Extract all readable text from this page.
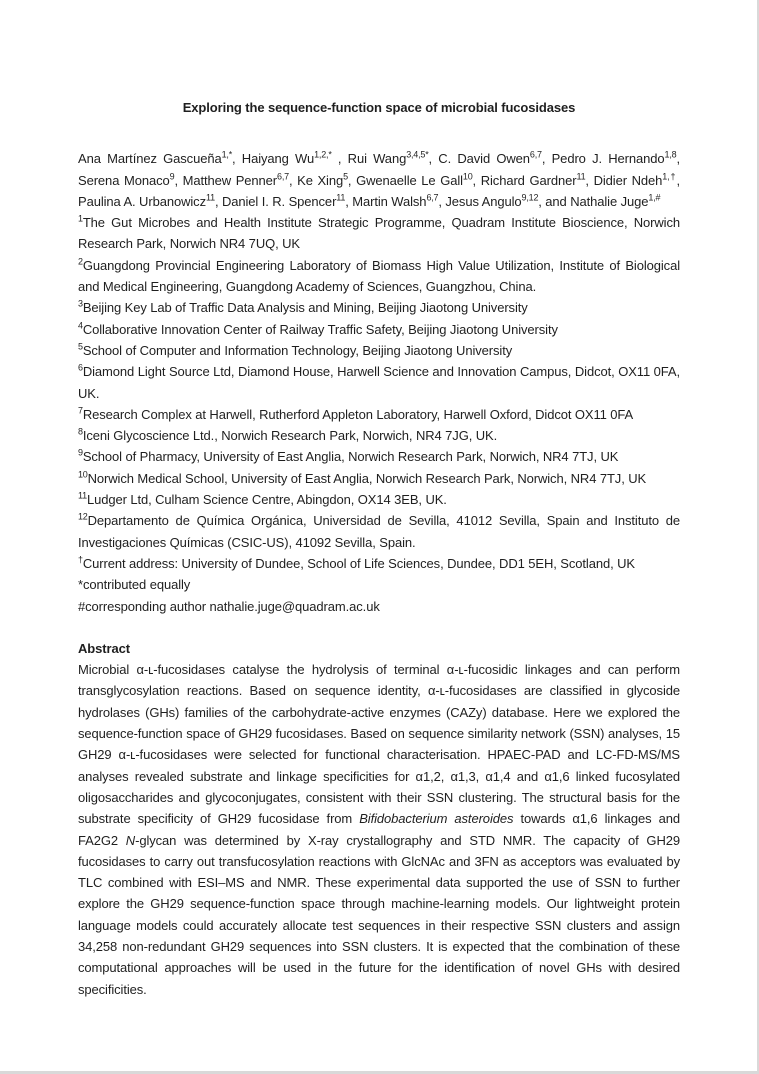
Exploring the sequence-function space of microbial fucosidases

Ana Martínez Gascueña$^{1,*}$, Haiyang $Wu^{1,2,*}$ , Rui Wang$^{3,4,5*}$, C. David Owen$^{6,7}$, Pedro J. Hernando$^{1,8}$, Serena Monaco$^9$, Matthew Penner$^{6,7}$, Ke Xing$^5$, Gwenaelle Le Gall$^{10}$, Richard Gardner$^{11}$, Didier Ndeh$^{1,\dagger}$, Paulina A. Urbanowicz$^{11}$, Daniel I. R. Spencer$^{11}$, Martin Walsh$^{6,7}$, Jesus Angulo$^{9,12}$, and Nathalie Juge$^{1,\#}$

$^1$The Gut Microbes and Health Institute Strategic Programme, Quadram Institute Bioscience, Norwich Research Park, Norwich NR4 7UQ, UK

$^2$Guangdong Provincial Engineering Laboratory of Biomass High Value Utilization, Institute of Biological and Medical Engineering, Guangdong Academy of Sciences, Guangzhou, China.

$^3$Beijing Key Lab of Traffic Data Analysis and Mining, Beijing Jiaotong University

$^4$Collaborative Innovation Center of Railway Traffic Safety, Beijing Jiaotong University

$^5$School of Computer and Information Technology, Beijing Jiaotong University

$^6$Diamond Light Source Ltd, Diamond House, Harwell Science and Innovation Campus, Didcot, OX11 0FA, UK.

$^7$Research Complex at Harwell, Rutherford Appleton Laboratory, Harwell Oxford, Didcot OX11 0FA

$^8$Iceni Glycoscience Ltd., Norwich Research Park, Norwich, NR4 7JG, UK.

$^9$School of Pharmacy, University of East Anglia, Norwich Research Park, Norwich, NR4 7TJ, UK

$^{10}$Norwich Medical School, University of East Anglia, Norwich Research Park, Norwich, NR4 7TJ, UK

$^{11}$Ludger Ltd, Culham Science Centre, Abingdon, OX14 3EB, UK.

$^{12}$Departamento de Química Orgánica, Universidad de Sevilla, 41012 Sevilla, Spain and Instituto de Investigaciones Químicas (CSIC-US), 41092 Sevilla, Spain.

†Current address: University of Dundee, School of Life Sciences, Dundee, DD1 5EH, Scotland, UK

*contributed equally

#corresponding author nathalie.juge@quadram.ac.uk

Abstract

Microbial α-ʟ-fucosidases catalyse the hydrolysis of terminal α-ʟ-fucosidic linkages and can perform transglycosylation reactions. Based on sequence identity, α-ʟ-fucosidases are classified in glycoside hydrolases (GHs) families of the carbohydrate-active enzymes (CAZy) database. Here we explored the sequence-function space of GH29 fucosidases. Based on sequence similarity network (SSN) analyses, 15 GH29 α-ʟ-fucosidases were selected for functional characterisation. HPAEC-PAD and LC-FD-MS/MS analyses revealed substrate and linkage specificities for α1,2, α1,3, α1,4 and α1,6 linked fucosylated oligosaccharides and glycoconjugates, consistent with their SSN clustering. The structural basis for the substrate specificity of GH29 fucosidase from Bifidobacterium asteroides towards α1,6 linkages and FA2G2 N-glycan was determined by X-ray crystallography and STD NMR. The capacity of GH29 fucosidases to carry out transfucosylation reactions with GlcNAc and 3FN as acceptors was evaluated by TLC combined with ESI–MS and NMR. These experimental data supported the use of SSN to further explore the GH29 sequence-function space through machine-learning models. Our lightweight protein language models could accurately allocate test sequences in their respective SSN clusters and assign 34,258 non-redundant GH29 sequences into SSN clusters. It is expected that the combination of these computational approaches will be used in the future for the identification of novel GHs with desired specificities.
